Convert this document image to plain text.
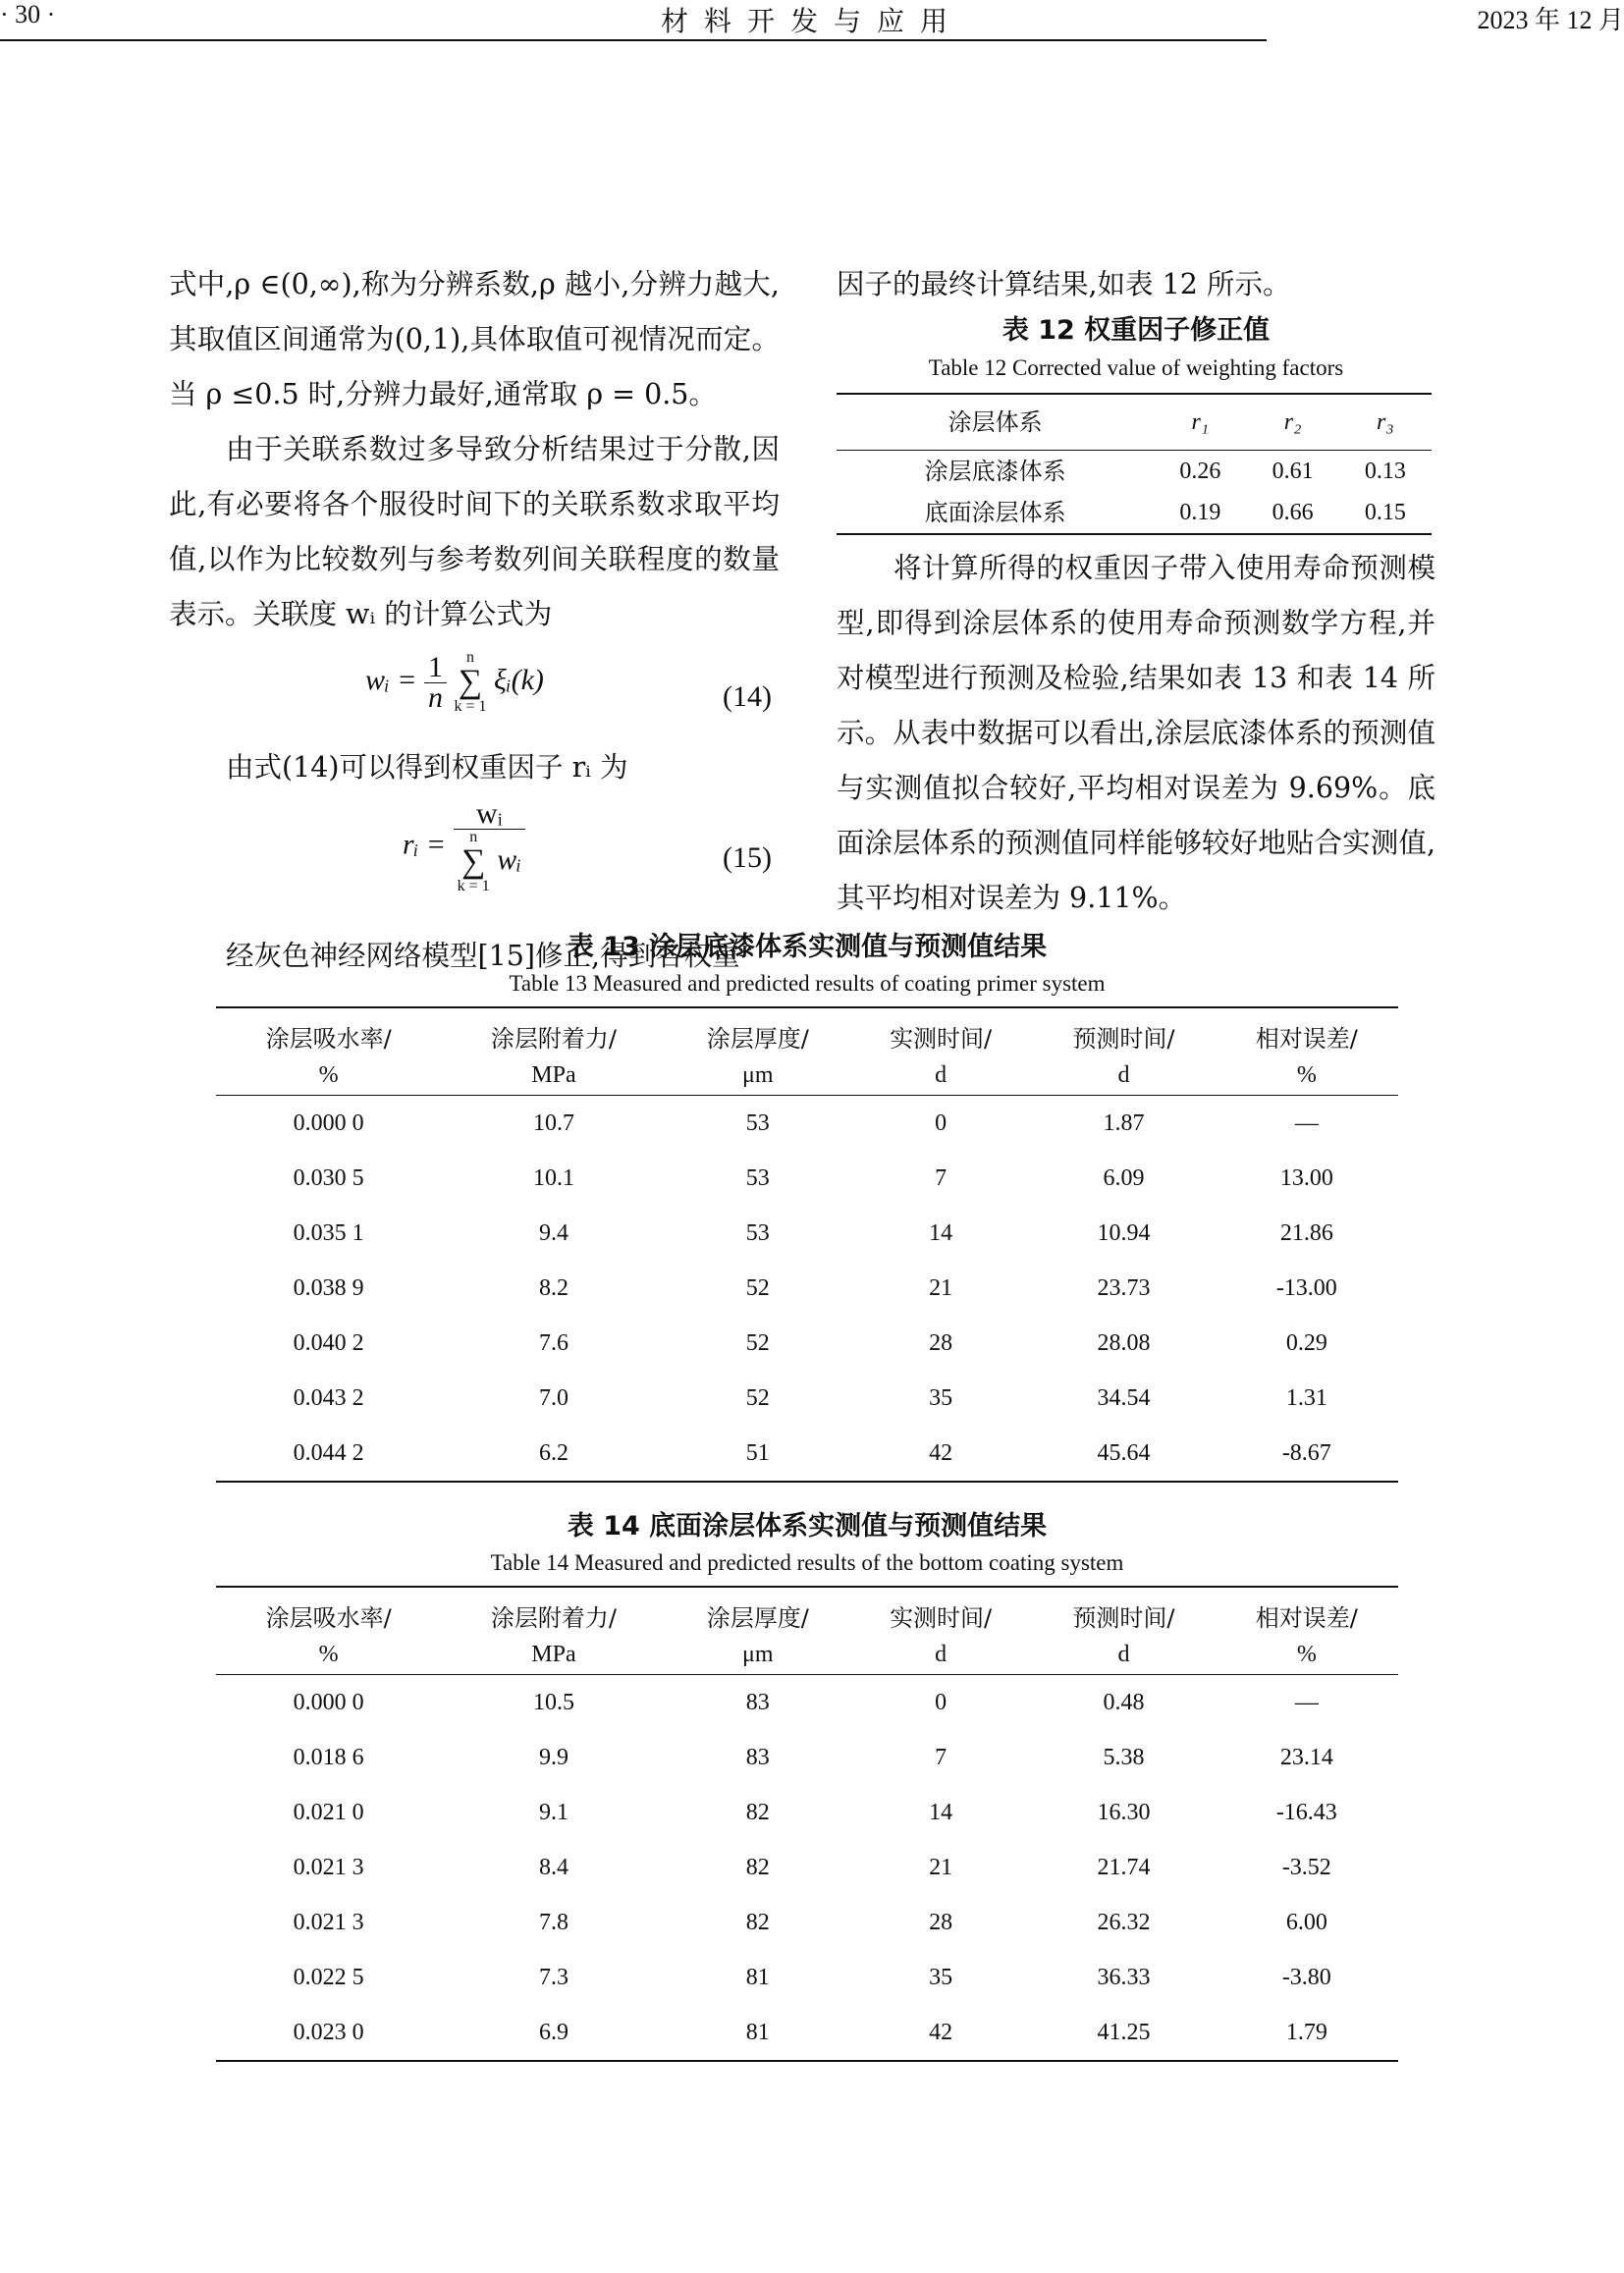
· 30 ·	材料开发与应用	2023 年 12 月

式中,ρ ∈(0,∞),称为分辨系数,ρ 越小,分辨力越大,其取值区间通常为(0,1),具体取值可视情况而定。当 ρ ≤0.5 时,分辨力最好,通常取 ρ = 0.5。

由于关联系数过多导致分析结果过于分散,因此,有必要将各个服役时间下的关联系数求取平均值,以作为比较数列与参考数列间关联程度的数量表示。关联度 wᵢ 的计算公式为

wᵢ = $\frac{1}{n}$ n
∑
k = 1 ξᵢ(k)
(14)

由式(14)可以得到权重因子 rᵢ 为

rᵢ = wᵢ
n
∑
k = 1 wᵢ	(15)

经灰色神经网络模型[15]修正,得到各权重

因子的最终计算结果,如表 12 所示。

表 12 权重因子修正值
Table 12 Corrected value of weighting factors
涂层体系	r₁	r₂	r₃
涂层底漆体系	0.26	0.61	0.13
底面涂层体系	0.19	0.66	0.15

将计算所得的权重因子带入使用寿命预测模型,即得到涂层体系的使用寿命预测数学方程,并对模型进行预测及检验,结果如表 13 和表 14 所示。从表中数据可以看出,涂层底漆体系的预测值与实测值拟合较好,平均相对误差为 9.69%。底面涂层体系的预测值同样能够较好地贴合实测值,其平均相对误差为 9.11%。

表 13 涂层底漆体系实测值与预测值结果
Table 13 Measured and predicted results of coating primer system
涂层吸水率/	涂层附着力/	涂层厚度/	实测时间/	预测时间/	相对误差/
%	MPa	μm	d	d	%
0.000 0	10.7	53	0	1.87	—
0.030 5	10.1	53	7	6.09	13.00
0.035 1	9.4	53	14	10.94	21.86
0.038 9	8.2	52	21	23.73	-13.00
0.040 2	7.6	52	28	28.08	0.29
0.043 2	7.0	52	35	34.54	1.31
0.044 2	6.2	51	42	45.64	-8.67
表 14 底面涂层体系实测值与预测值结果
Table 14 Measured and predicted results of the bottom coating system
涂层吸水率/	涂层附着力/	涂层厚度/	实测时间/	预测时间/	相对误差/
%	MPa	μm	d	d	%
0.000 0	10.5	83	0	0.48	—
0.018 6	9.9	83	7	5.38	23.14
0.021 0	9.1	82	14	16.30	-16.43
0.021 3	8.4	82	21	21.74	-3.52
0.021 3	7.8	82	28	26.32	6.00
0.022 5	7.3	81	35	36.33	-3.80
0.023 0	6.9	81	42	41.25	1.79
